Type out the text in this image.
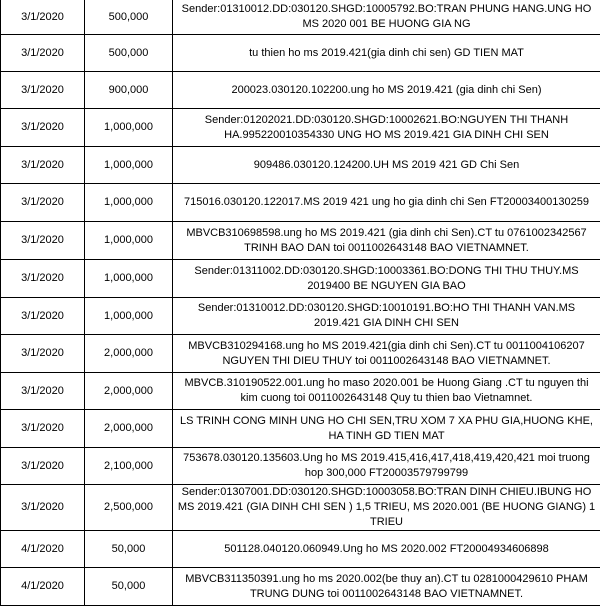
3/1/2020	500,000	Sender:01310012.DD:030120.SHGD:10005792.BO:TRAN PHUNG HANG.UNG HO MS 2020 001 BE HUONG GIA NG
3/1/2020	500,000	tu thien ho ms 2019.421(gia dinh chi sen) GD TIEN MAT
3/1/2020	900,000	200023.030120.102200.ung ho MS 2019.421 (gia dinh chi Sen)
3/1/2020	1,000,000	Sender:01202021.DD:030120.SHGD:10002621.BO:NGUYEN THI THANH HA.995220010354330 UNG HO MS 2019.421 GIA DINH CHI SEN
3/1/2020	1,000,000	909486.030120.124200.UH MS 2019 421 GD Chi Sen
3/1/2020	1,000,000	715016.030120.122017.MS 2019 421 ung ho gia dinh chi Sen FT20003400130259
3/1/2020	1,000,000	MBVCB310698598.ung ho MS 2019.421 (gia dinh chi Sen).CT tu 0761002342567 TRINH BAO DAN toi 0011002643148 BAO VIETNAMNET.
3/1/2020	1,000,000	Sender:01311002.DD:030120.SHGD:10003361.BO:DONG THI THU THUY.MS 2019400 BE NGUYEN GIA BAO
3/1/2020	1,000,000	Sender:01310012.DD:030120.SHGD:10010191.BO:HO THI THANH VAN.MS 2019.421 GIA DINH CHI SEN
3/1/2020	2,000,000	MBVCB310294168.ung ho MS 2019.421(gia dinh chi Sen).CT tu 0011004106207 NGUYEN THI DIEU THUY toi 0011002643148 BAO VIETNAMNET.
3/1/2020	2,000,000	MBVCB.310190522.001.ung ho maso 2020.001 be Huong Giang .CT tu nguyen thi kim cuong toi 0011002643148 Quy tu thien bao Vietnamnet.
3/1/2020	2,000,000	LS TRINH CONG MINH UNG HO CHI SEN,TRU XOM 7 XA PHU GIA,HUONG KHE, HA TINH GD TIEN MAT
3/1/2020	2,100,000	753678.030120.135603.Ung ho MS 2019.415,416,417,418,419,420,421 moi truong hop 300,000 FT20003579799799
3/1/2020	2,500,000	Sender:01307001.DD:030120.SHGD:10003058.BO:TRAN DINH CHIEU.IBUNG HO MS 2019.421 (GIA DINH CHI SEN ) 1,5 TRIEU, MS 2020.001 (BE HUONG GIANG) 1 TRIEU
4/1/2020	50,000	501128.040120.060949.Ung ho MS 2020.002 FT20004934606898
4/1/2020	50,000	MBVCB311350391.ung ho ms 2020.002(be thuy an).CT tu 0281000429610 PHAM TRUNG DUNG toi 0011002643148 BAO VIETNAMNET.
